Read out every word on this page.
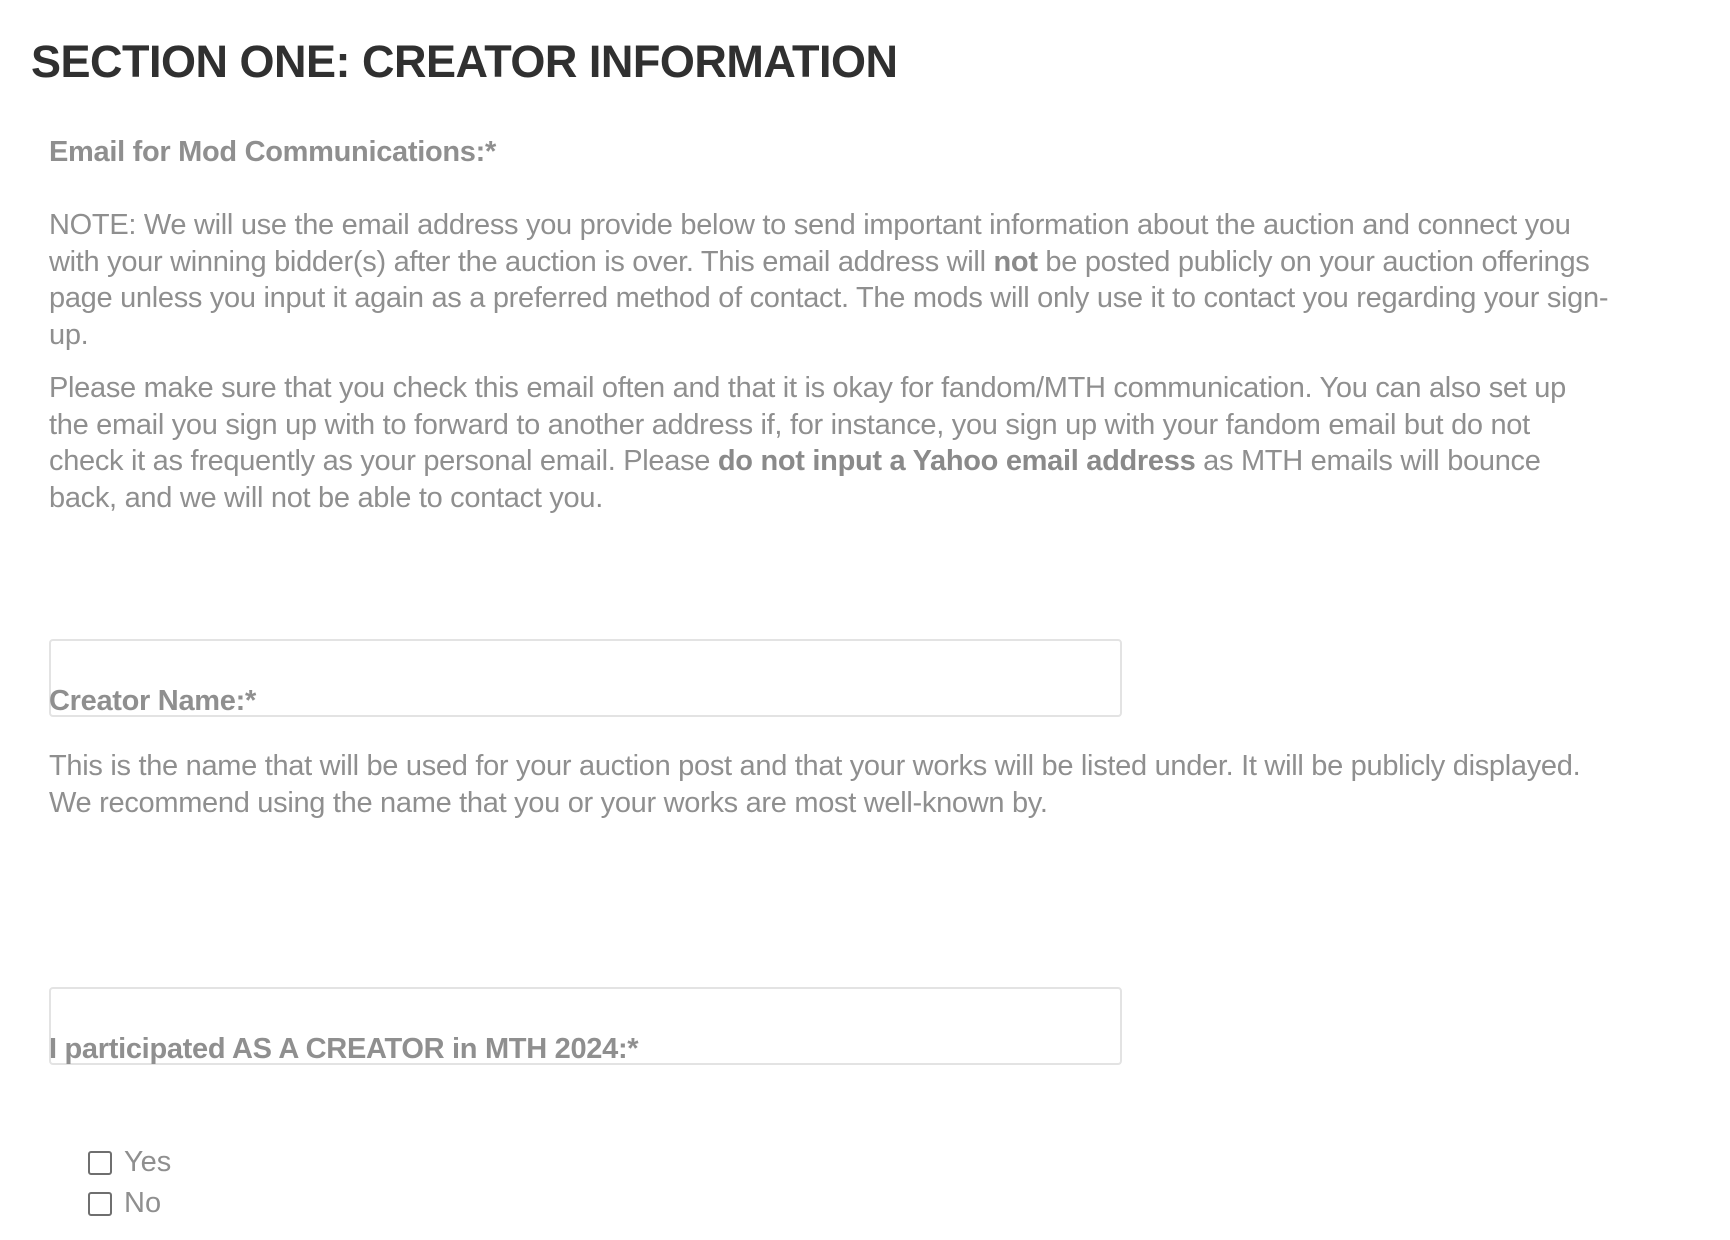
SECTION ONE: CREATOR INFORMATION

Email for Mod Communications:*

NOTE: We will use the email address you provide below to send important information about the auction and connect you with your winning bidder(s) after the auction is over. This email address will not be posted publicly on your auction offerings page unless you input it again as a preferred method of contact. The mods will only use it to contact you regarding your sign-up.

Please make sure that you check this email often and that it is okay for fandom/MTH communication. You can also set up the email you sign up with to forward to another address if, for instance, you sign up with your fandom email but do not check it as frequently as your personal email. Please do not input a Yahoo email address as MTH emails will bounce back, and we will not be able to contact you.

Creator Name:*

This is the name that will be used for your auction post and that your works will be listed under. It will be publicly displayed. We recommend using the name that you or your works are most well-known by.

I participated AS A CREATOR in MTH 2024:*

Yes
No
